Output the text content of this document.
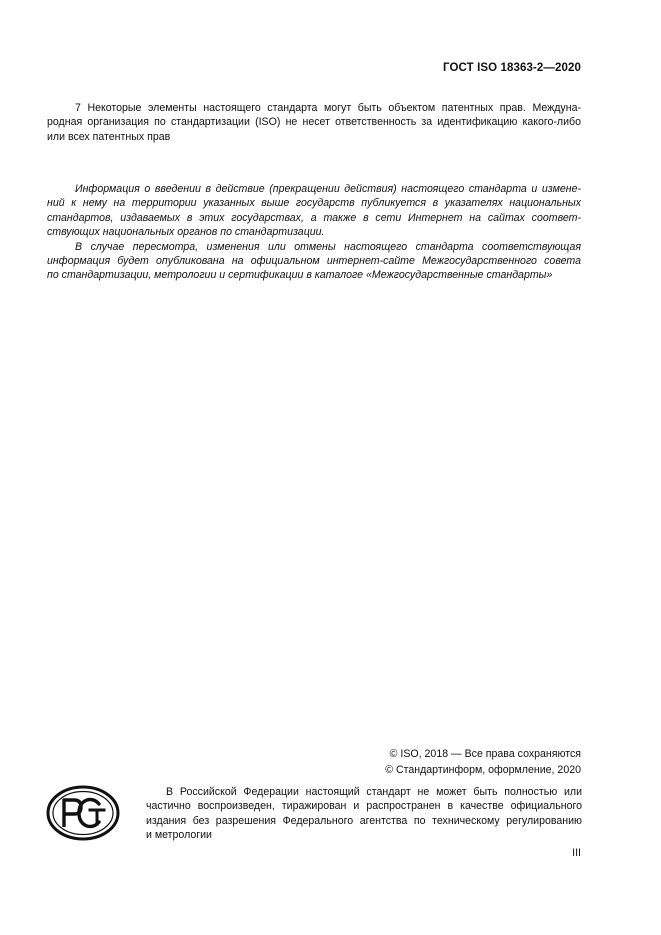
ГОСТ ISO 18363-2—2020
7 Некоторые элементы настоящего стандарта могут быть объектом патентных прав. Междуна-
родная организация по стандартизации (ISO) не несет ответственность за идентификацию какого-либо
или всех патентных прав
Информация о введении в действие (прекращении действия) настоящего стандарта и измене-
ний к нему на территории указанных выше государств публикуется в указателях национальных
стандартов, издаваемых в этих государствах, а также в сети Интернет на сайтах соответ-
ствующих национальных органов по стандартизации.
В случае пересмотра, изменения или отмены настоящего стандарта соответствующая
информация будет опубликована на официальном интернет-сайте Межгосударственного совета
по стандартизации, метрологии и сертификации в каталоге «Межгосударственные стандарты»
© ISO, 2018 — Все права сохраняются
© Стандартинформ, оформление, 2020
В Российской Федерации настоящий стандарт не может быть полностью или
частично воспроизведен, тиражирован и распространен в качестве официального
издания без разрешения Федерального агентства по техническому регулированию
и метрологии
III
